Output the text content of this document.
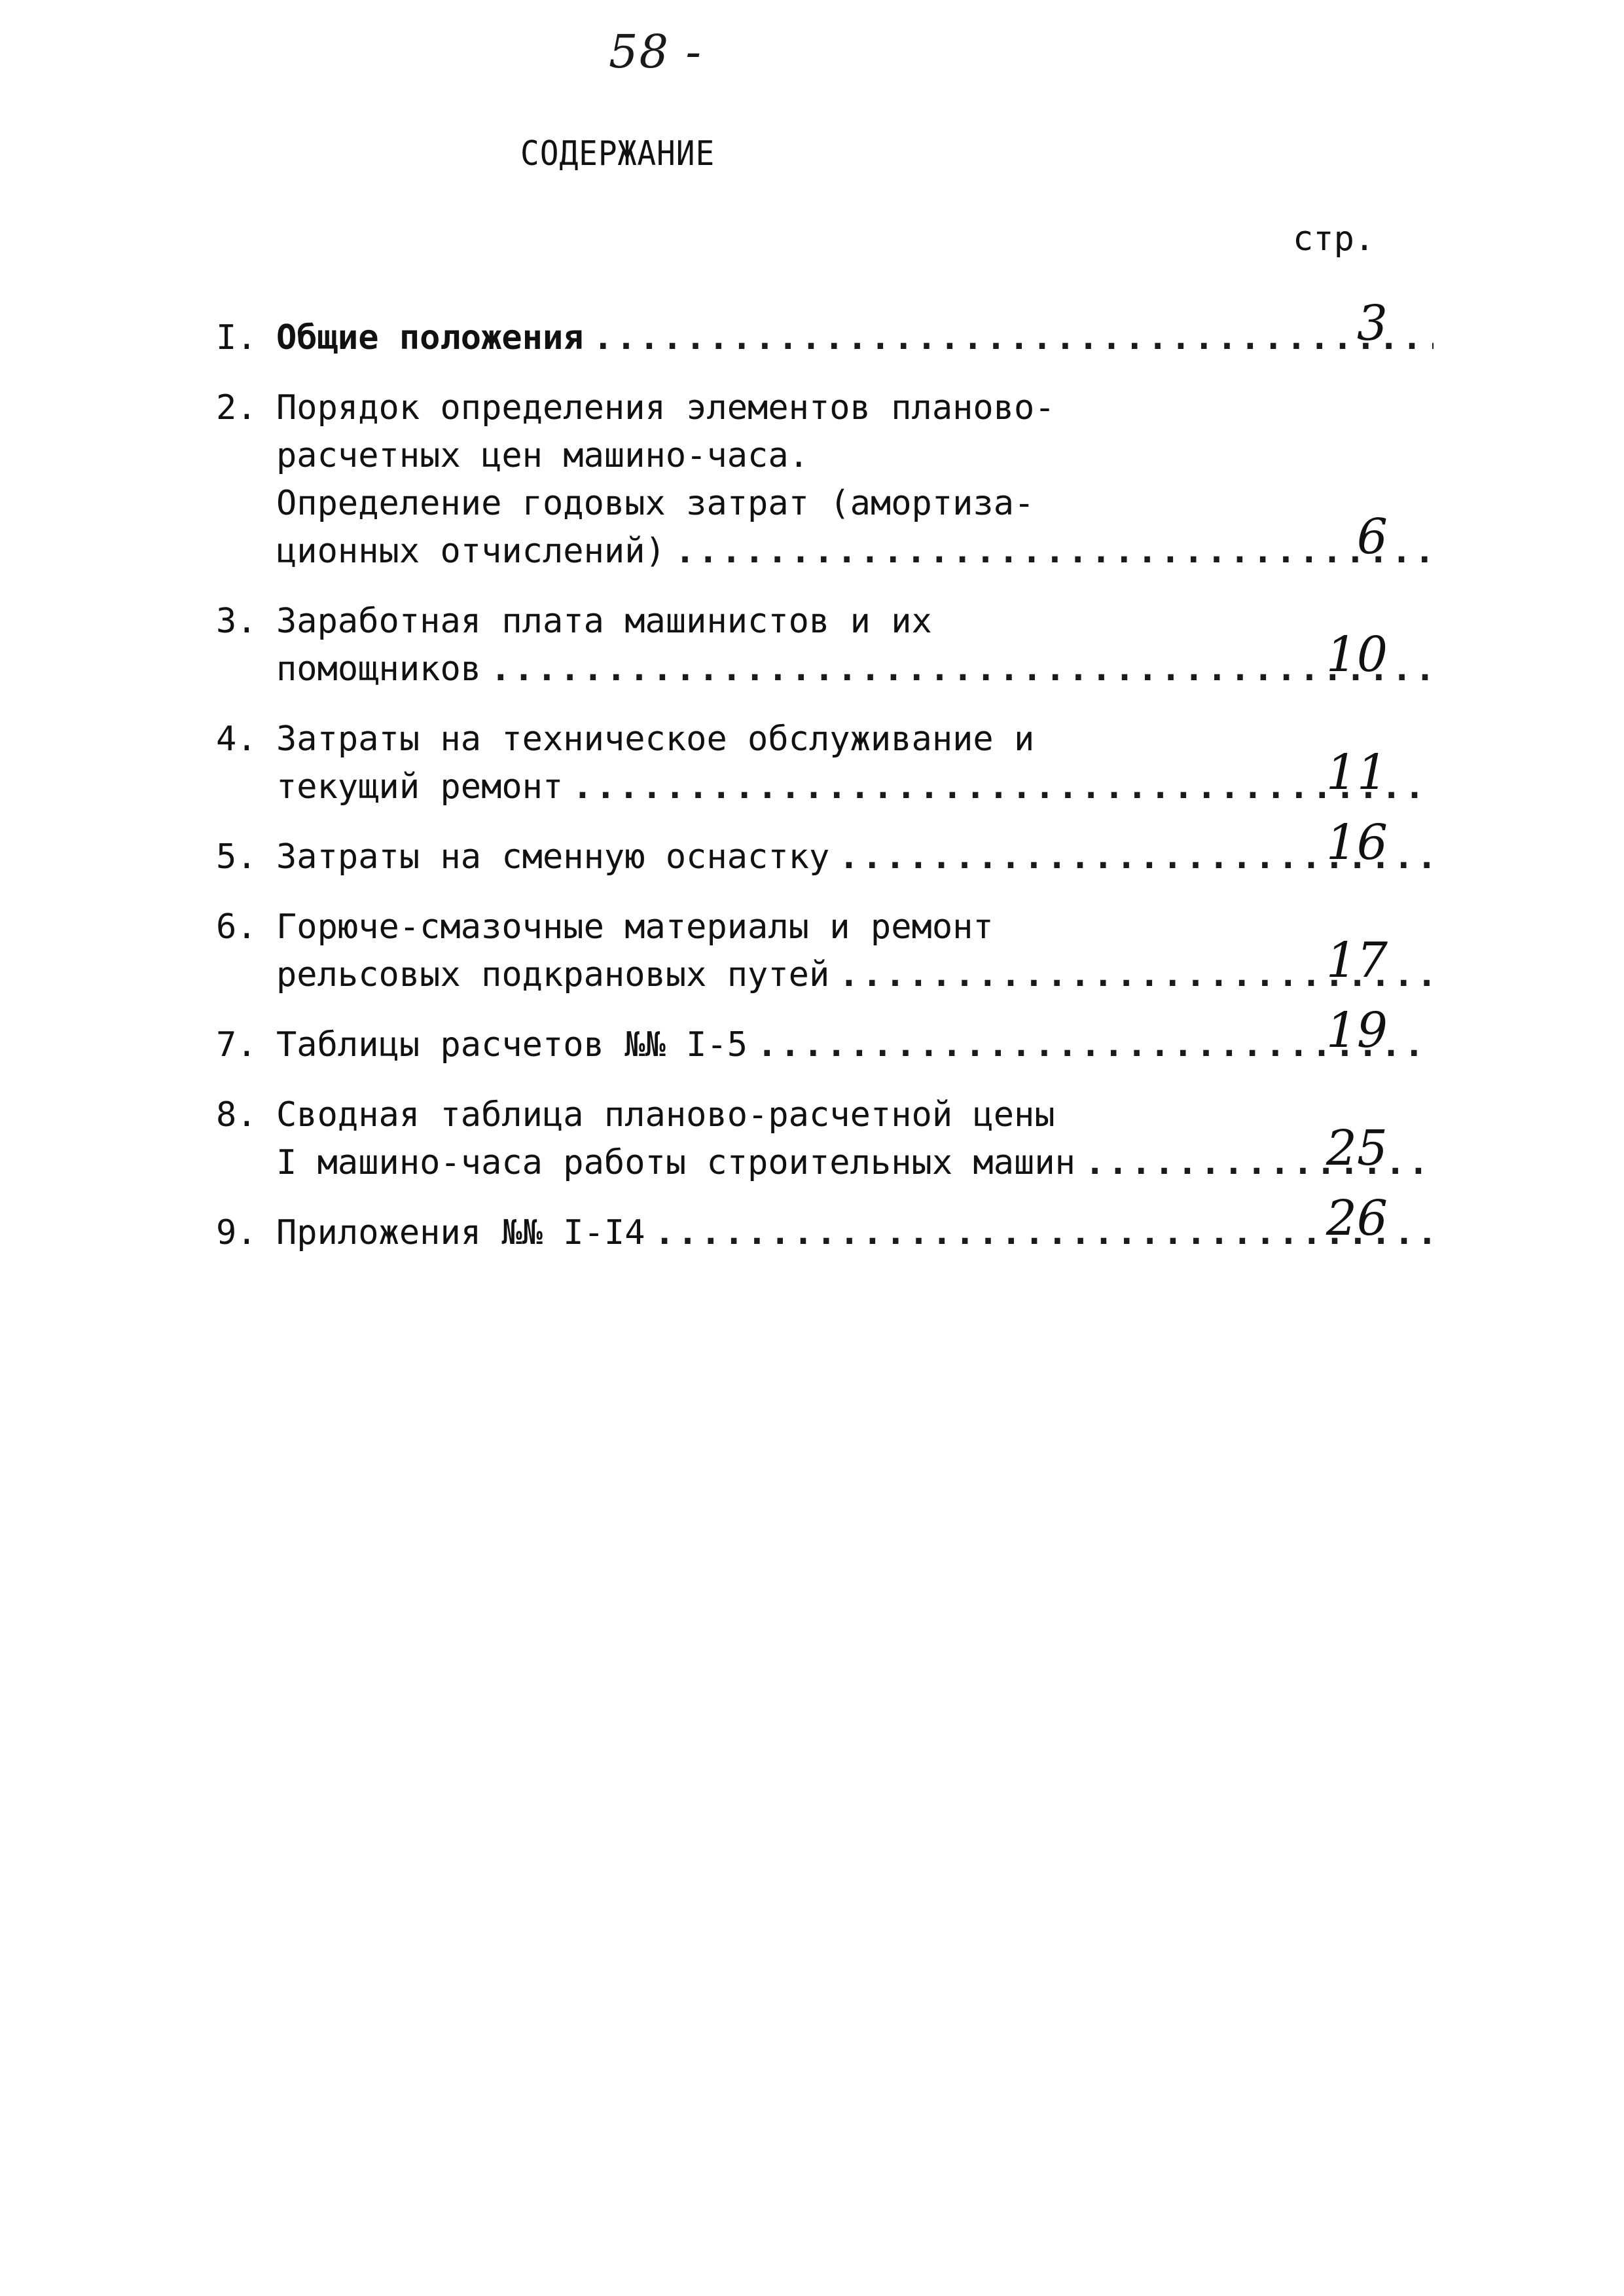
58 -
СОДЕРЖАНИЕ
стр.
I. Общие положения .....	3
2. Порядок определения элементов планово-
расчетных цен машино-часа.
Определение годовых затрат (амортиза-
ционных отчислений) .....	6
3. Заработная плата машинистов и их
помощников .....	10
4. Затраты на техническое обслуживание и
текущий ремонт .....	11
5. Затраты на сменную оснастку .....	16
6. Горюче-смазочные материалы и ремонт
рельсовых подкрановых путей .....	17
7. Таблицы расчетов №№ I-5 .....	19
8. Сводная таблица планово-расчетной цены
I машино-часа работы строительных машин .....	25
9. Приложения №№ I-I4 .....	26
